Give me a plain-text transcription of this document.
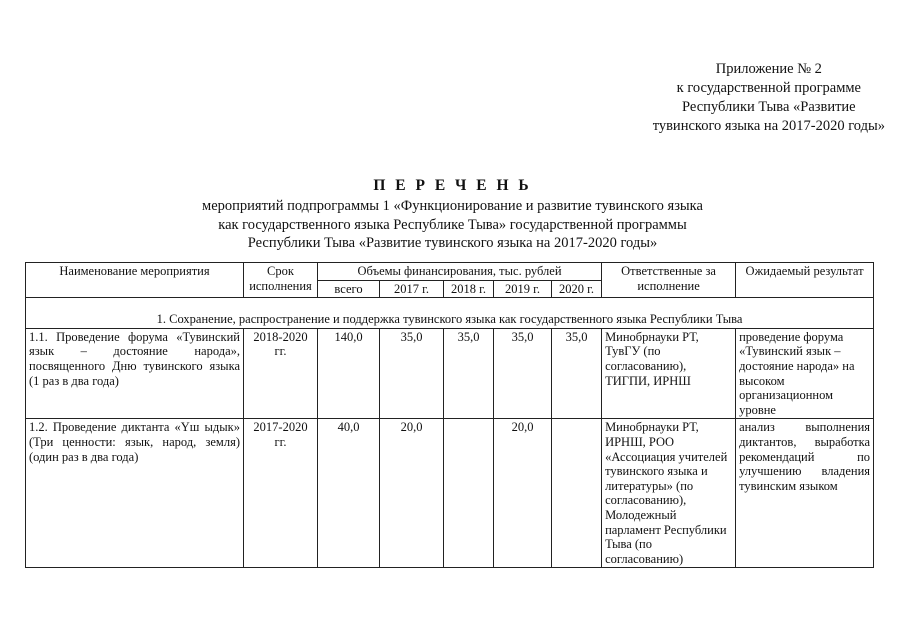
Приложение № 2
к государственной программе
Республики Тыва «Развитие
тувинского языка на 2017-2020 годы»
П Е Р Е Ч Е Н Ь
мероприятий подпрограммы 1 «Функционирование и развитие тувинского языка
как государственного языка Республике Тыва» государственной программы
Республики Тыва «Развитие тувинского языка на 2017-2020 годы»
Наименование мероприятия	Срок исполнения	Объемы финансирования, тыс. рублей					Ответственные за исполнение	Ожидаемый результат
		всего	2017 г.	2018 г.	2019 г.	2020 г.		
1. Сохранение, распространение и поддержка тувинского языка как государственного языка Республики Тыва								
1.1. Проведение форума «Тувинский язык – достояние народа», посвященного Дню тувинского языка (1 раз в два года)	2018-2020 гг.	140,0	35,0	35,0	35,0	35,0	Минобрнауки РТ, ТувГУ (по согласованию), ТИГПИ, ИРНШ	проведение форума «Тувинский язык – достояние народа» на высоком организационном уровне
1.2. Проведение диктанта «Үш ыдык» (Три ценности: язык, народ, земля) (один раз в два года)	2017-2020 гг.	40,0	20,0		20,0		Минобрнауки РТ, ИРНШ, РОО «Ассоциация учителей тувинского языка и литературы» (по согласованию), Молодежный парламент Республики Тыва (по согласованию)	анализ выполнения диктантов, выработка рекомендаций по улучшению владения тувинским языком
